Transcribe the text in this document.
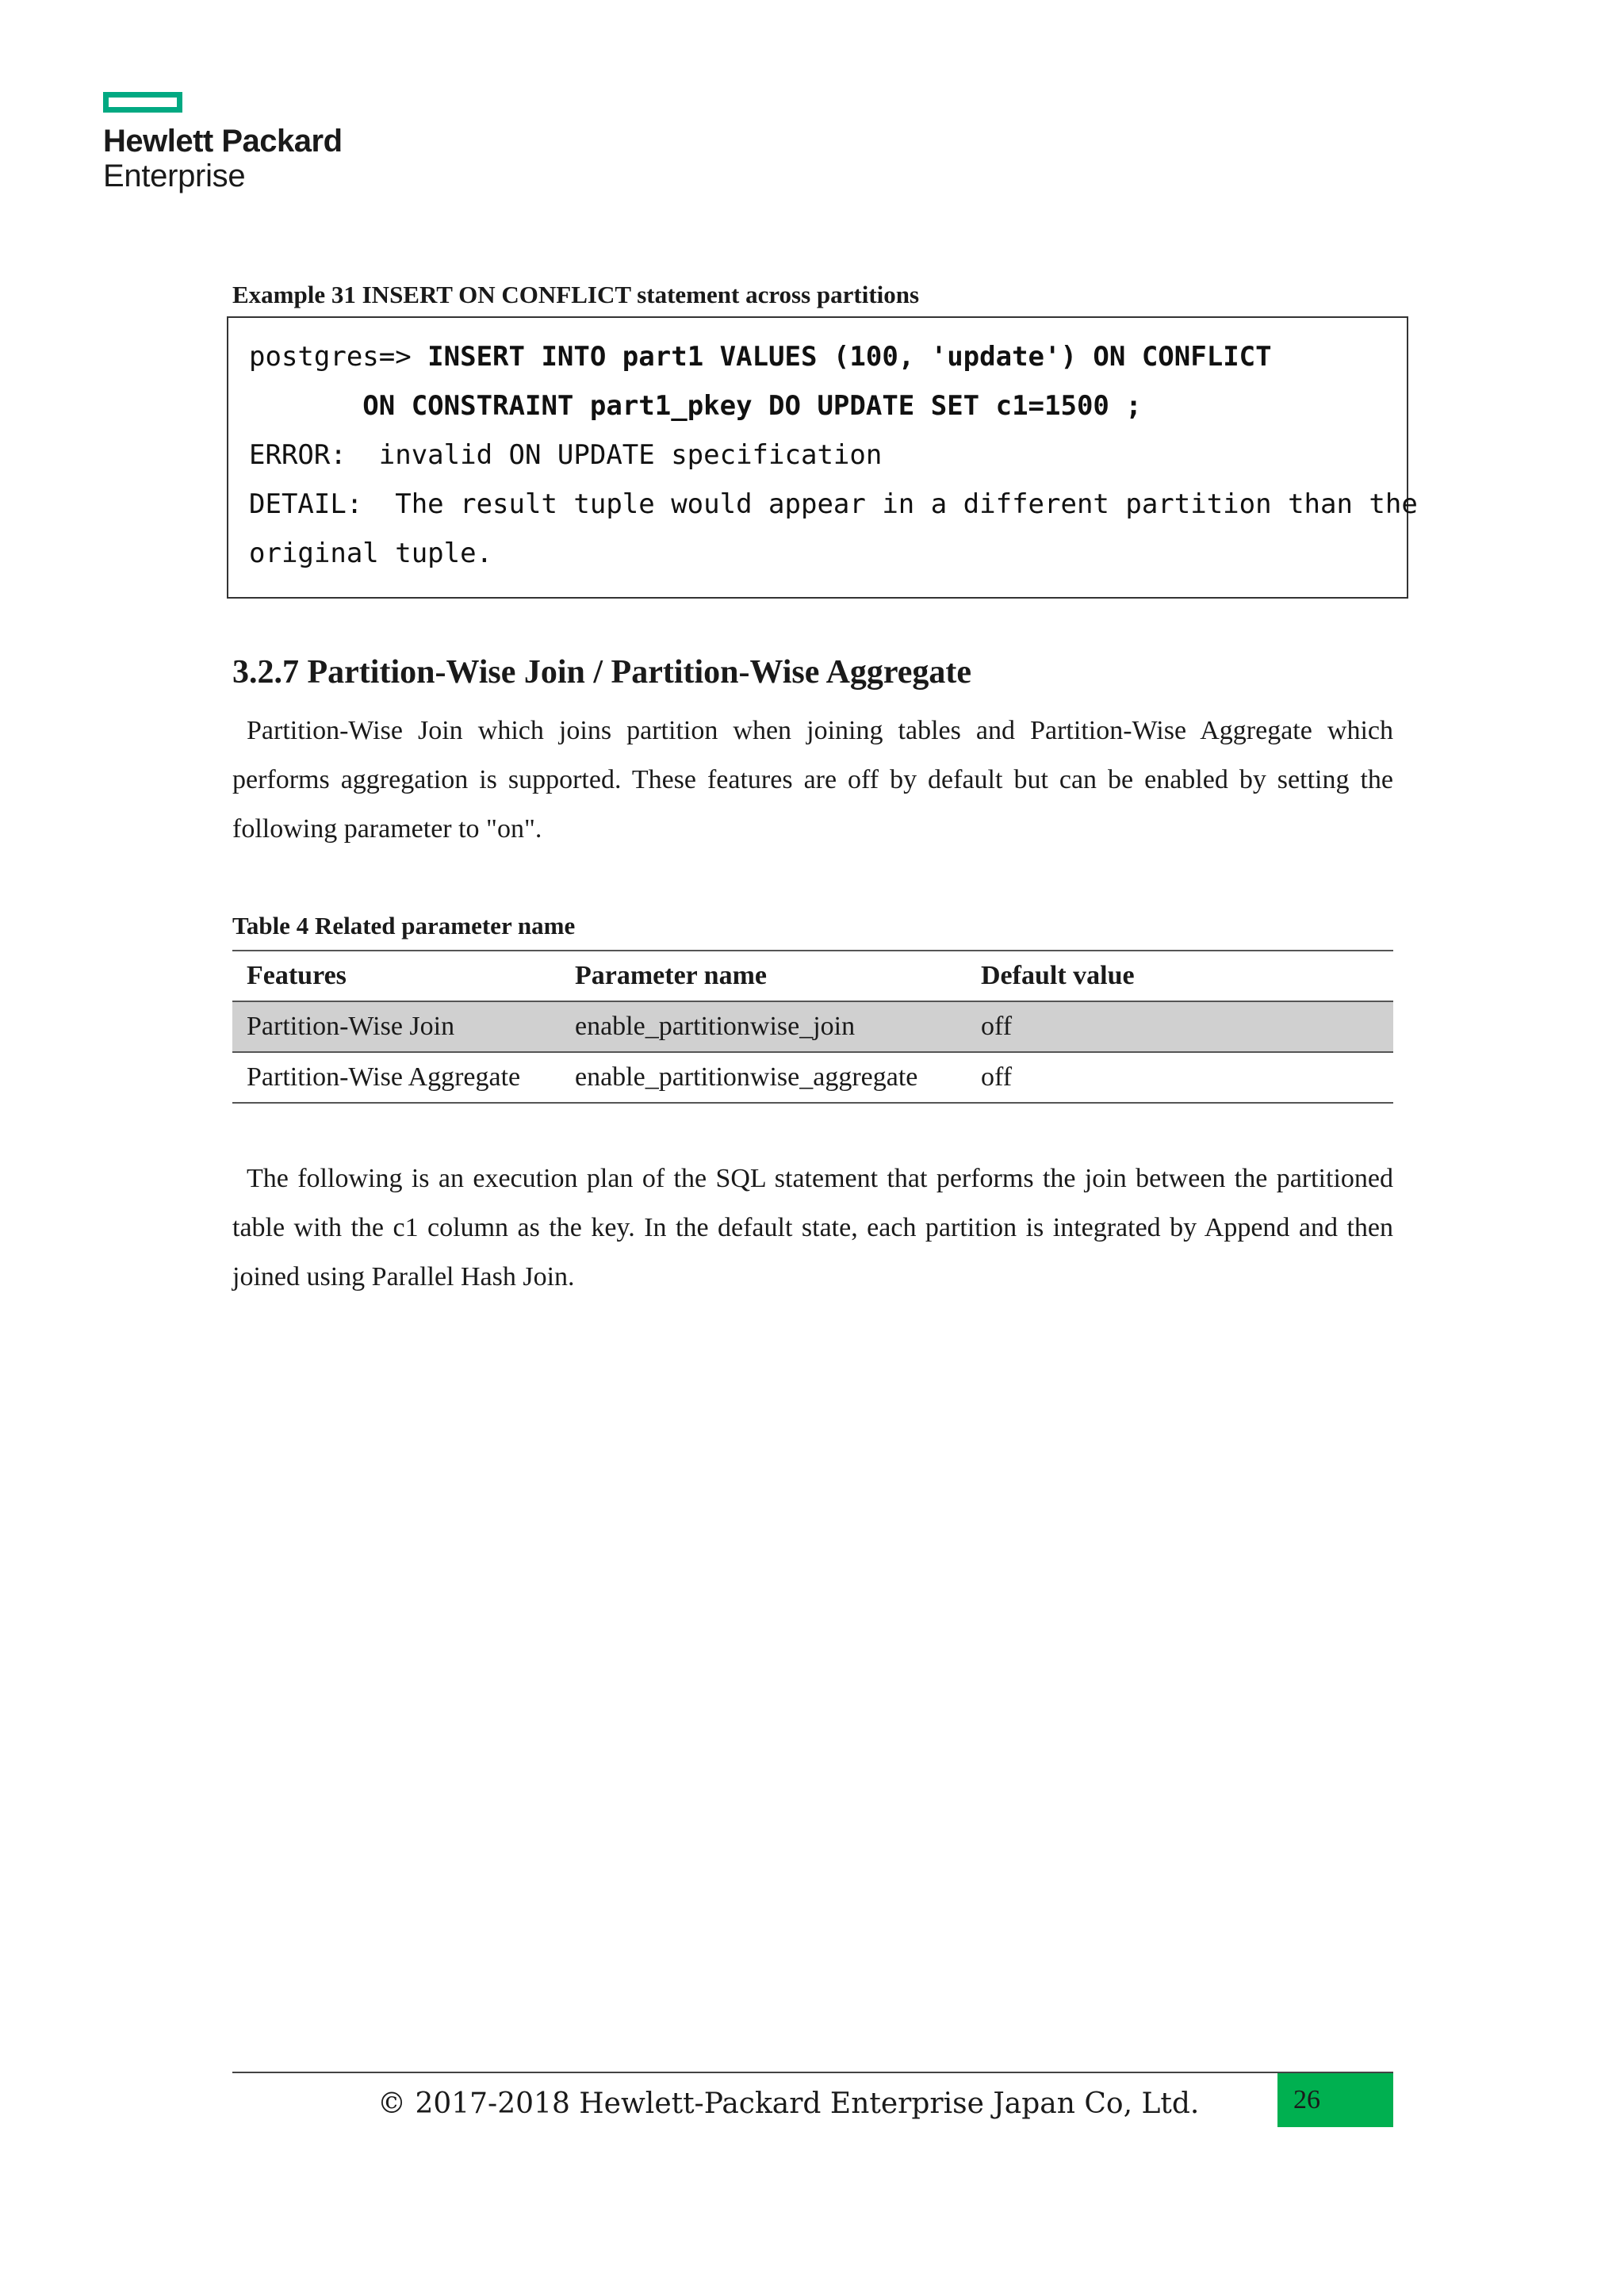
Hewlett Packard
Enterprise
Example 31 INSERT ON CONFLICT statement across partitions
postgres=> INSERT INTO part1 VALUES (100, 'update') ON CONFLICT
ON CONSTRAINT part1_pkey DO UPDATE SET c1=1500 ;
ERROR:  invalid ON UPDATE specification
DETAIL:  The result tuple would appear in a different partition than the
original tuple.
3.2.7 Partition-Wise Join / Partition-Wise Aggregate
Partition-Wise Join which joins partition when joining tables and Partition-Wise Aggregate which performs aggregation is supported. These features are off by default but can be enabled by setting the following parameter to "on".
Table 4 Related parameter name
Features	Parameter name	Default value
Partition-Wise Join	enable_partitionwise_join	off
Partition-Wise Aggregate	enable_partitionwise_aggregate	off
The following is an execution plan of the SQL statement that performs the join between the partitioned table with the c1 column as the key. In the default state, each partition is integrated by Append and then joined using Parallel Hash Join.
© 2017-2018 Hewlett-Packard Enterprise Japan Co, Ltd.	26
